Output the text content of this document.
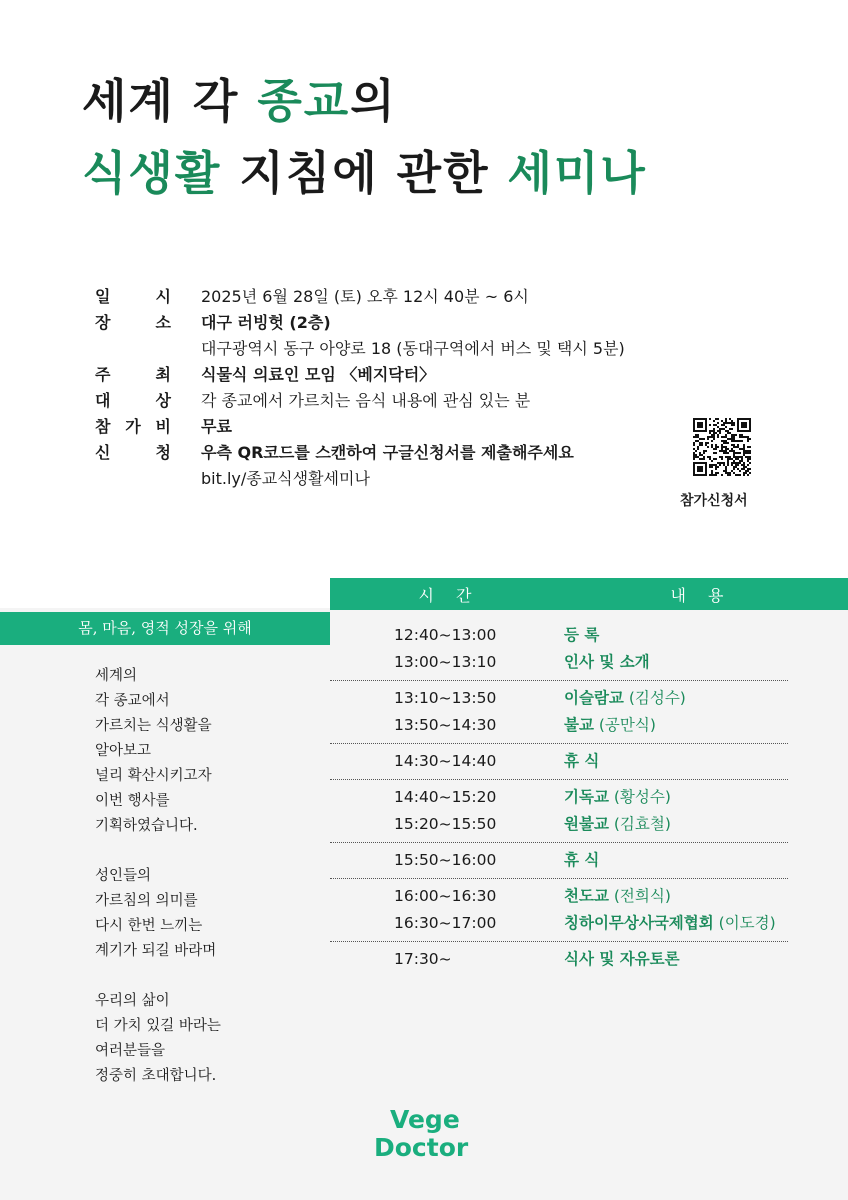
세계 각 종교의
식생활 지침에 관한 세미나
일	시 2025년 6월 28일 (토) 오후 12시 40분 ~ 6시
장	소 대구 러빙헛 (2층)
대구광역시 동구 아양로 18 (동대구역에서 버스 및 택시 5분)
주	최 식물식 의료인 모임 〈베지닥터〉
대	상 각 종교에서 가르치는 음식 내용에 관심 있는 분
참 가 비 무료
신	청 우측 QR코드를 스캔하여 구글신청서를 제출해주세요
bit.ly/종교식생활세미나
참가신청서
시간	내용
몸, 마음, 영적 성장을 위해
세계의
각 종교에서
가르치는 식생활을
알아보고
널리 확산시키고자
이번 행사를
기획하였습니다.
성인들의
가르침의 의미를
다시 한번 느끼는
계기가 되길 바라며
우리의 삶이
더 가치 있길 바라는
여러분들을
정중히 초대합니다.
12:40~13:00	등 록
13:00~13:10	인사 및 소개
13:10~13:50	이슬람교 (김성수)
13:50~14:30	불교 (공만식)
14:30~14:40	휴 식
14:40~15:20	기독교 (황성수)
15:20~15:50	원불교 (김효철)
15:50~16:00	휴 식
16:00~16:30	천도교 (전희식)
16:30~17:00	칭하이무상사국제협회 (이도경)
17:30~	식사 및 자유토론
Vege
Doctor
